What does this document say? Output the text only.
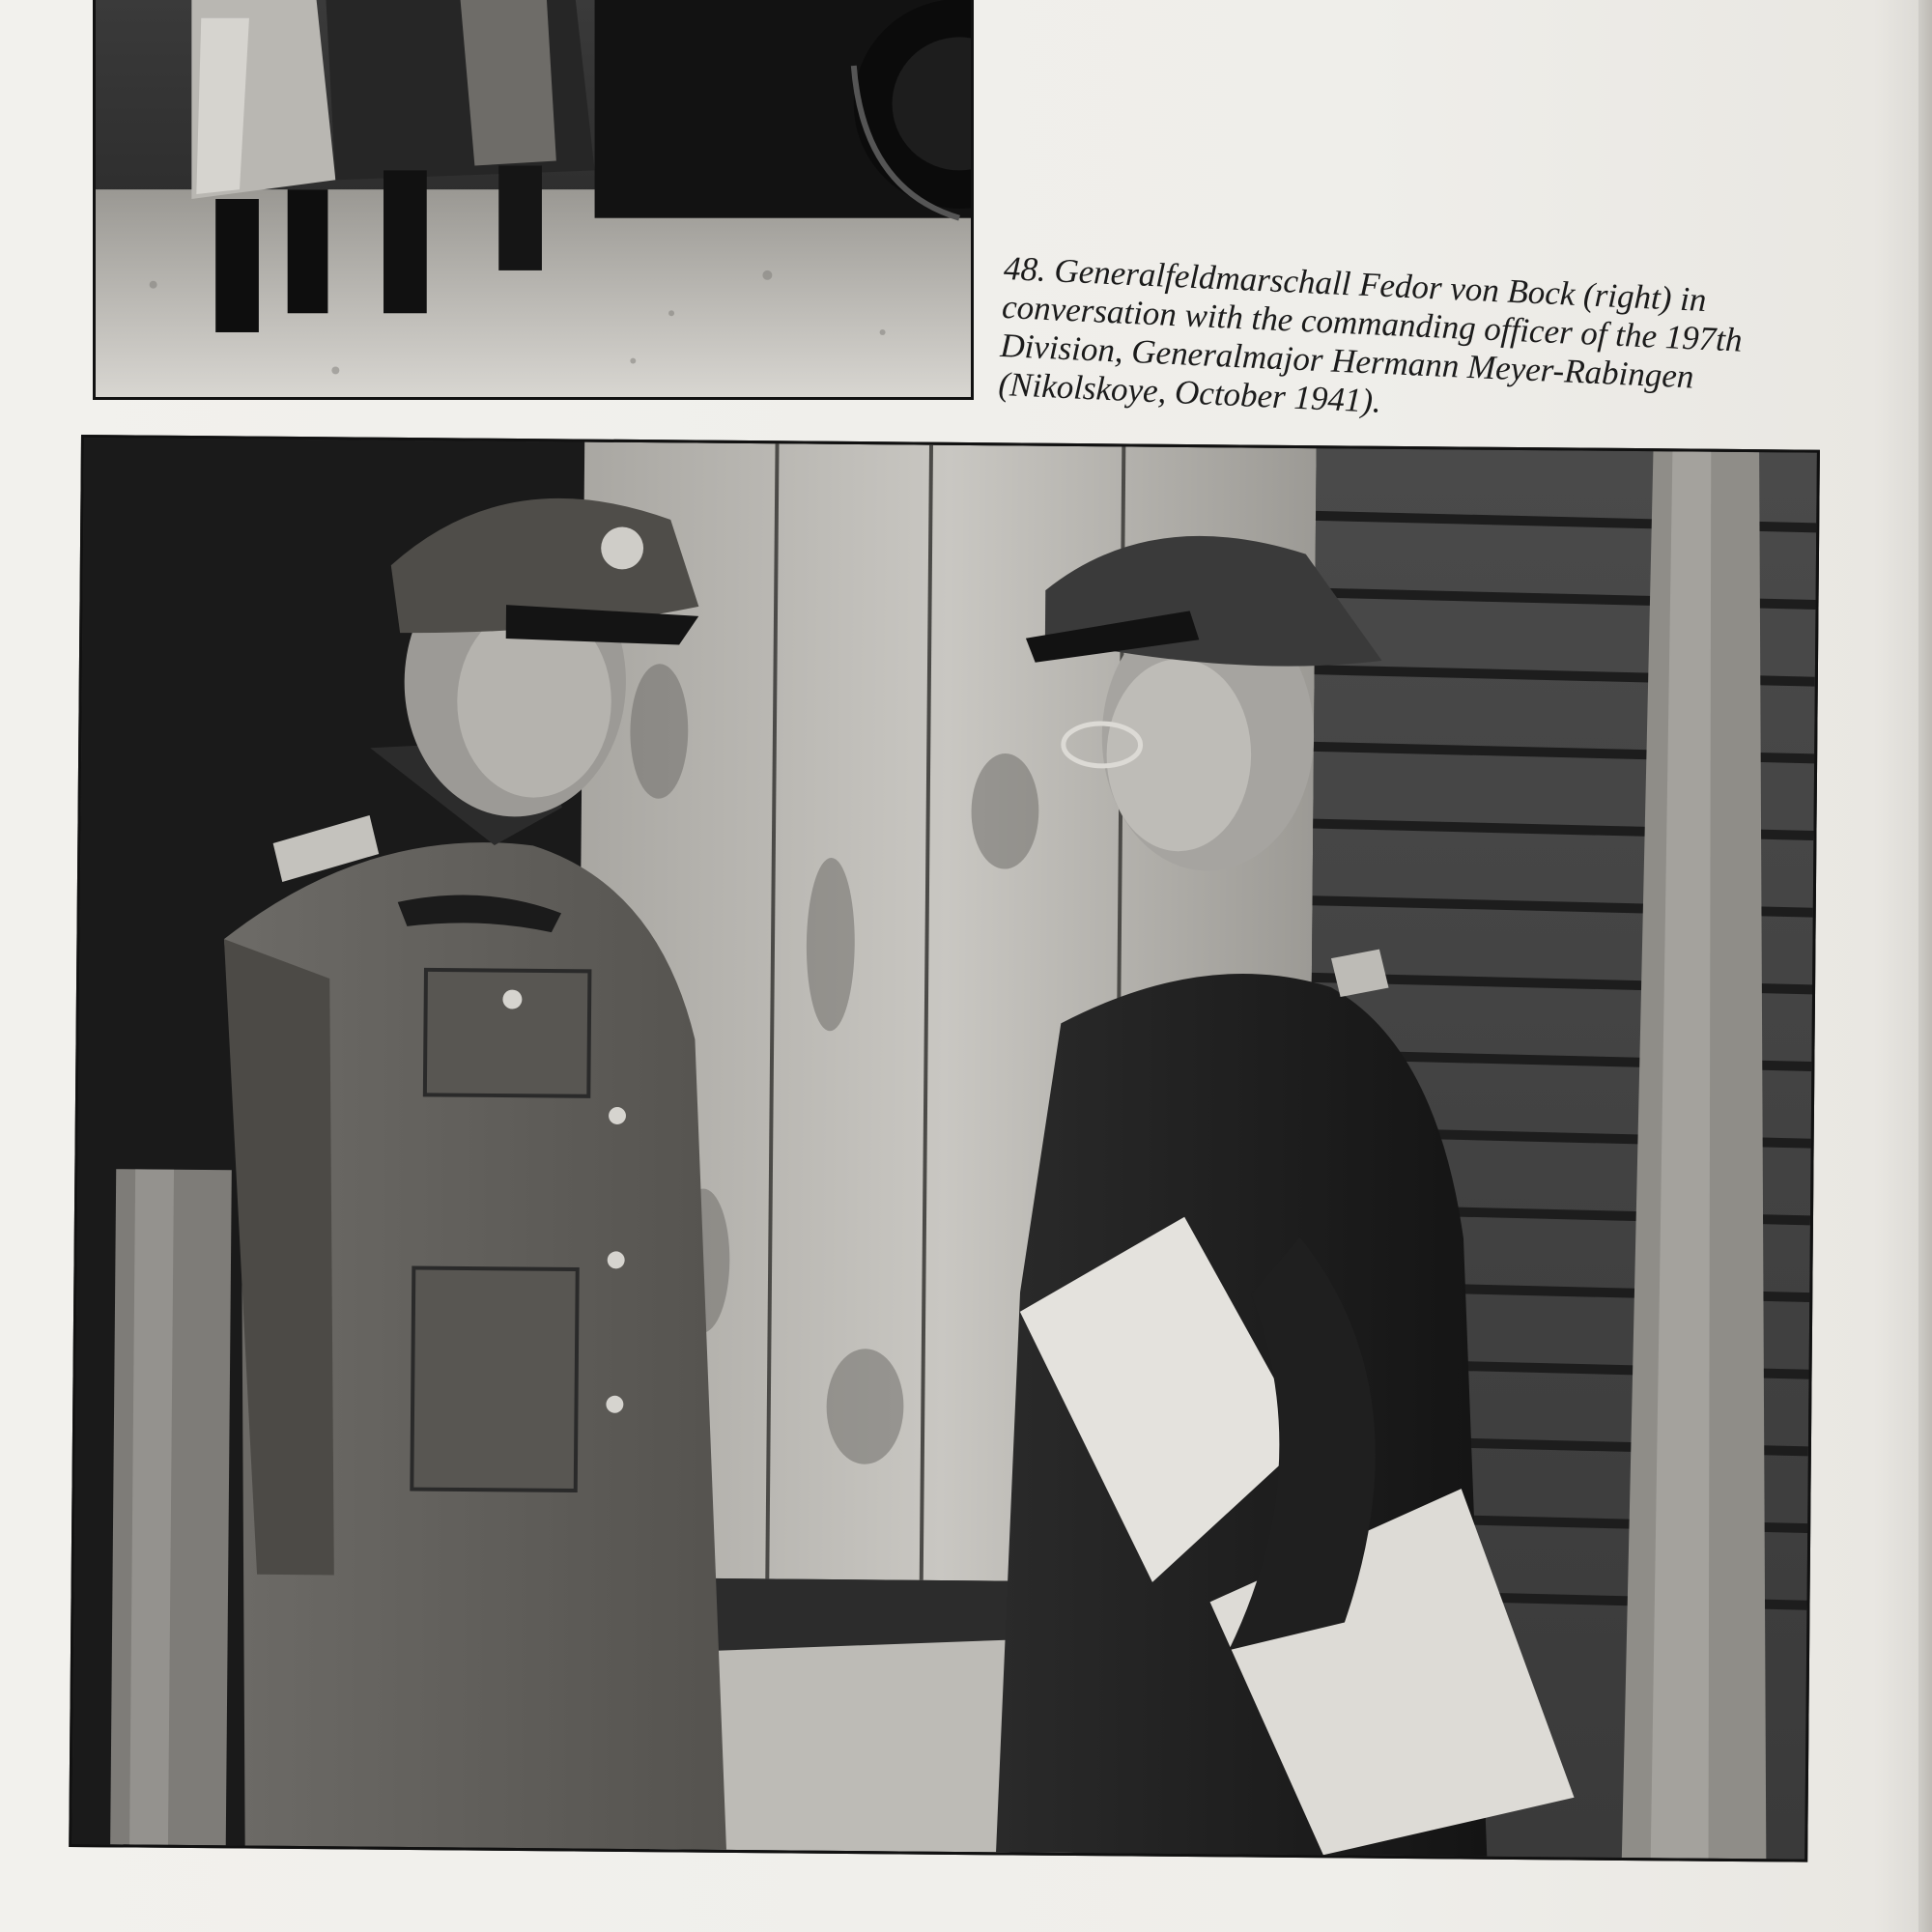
48. Generalfeldmarschall Fedor von Bock (right) in conversation with the commanding officer of the 197th Division, Generalmajor Hermann Meyer-Rabingen (Nikolskoye, October 1941).
